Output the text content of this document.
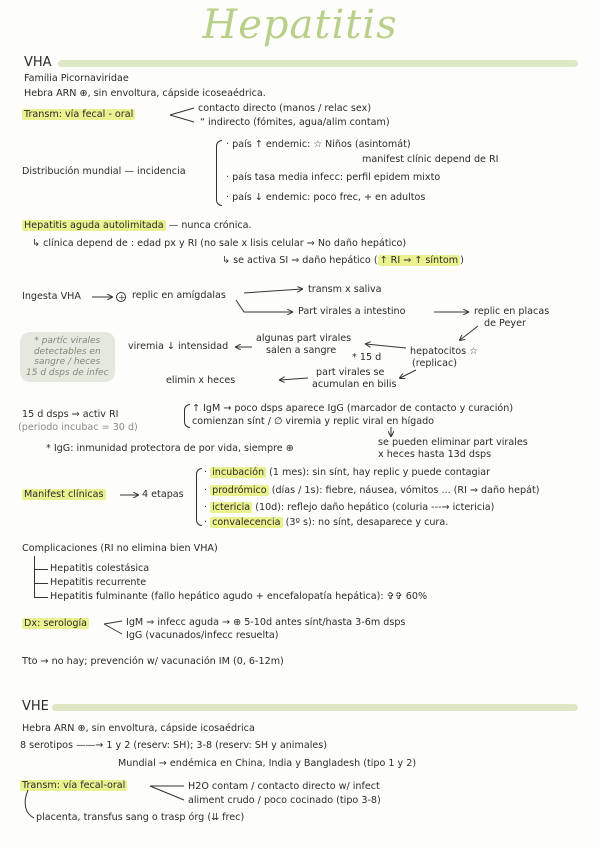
Hepatitis
VHA
Familia Picornaviridae
Hebra ARN ⊕, sin envoltura, cápside icoseaédrica.
Transm: vía fecal - oral
contacto directo (manos / relac sex)
“ indirecto (fómites, agua/alim contam)
Distribución mundial — incidencia
· país ↑ endemic: ☆ Niños (asintomát)
manifest clínic depend de RI
· país tasa media infecc: perfil epidem mixto
· país ↓ endemic: poco frec, + en adultos
Hepatitis aguda autolimitada — nunca crónica.
↳ clínica depend de : edad px y RI (no sale x lisis celular ⇒ No daño hepático)
↳ se activa SI ⇒ daño hepático ( ↑ RI ⇒ ↑ síntom )
Ingesta VHA	replic en amígdalas
transm x saliva
Part virales a intestino	replic en placas
de Peyer
* partíc virales
detectables en
sangre / heces
15 d dsps de infec
viremia ↓ intensidad
algunas part virales
salen a sangre
* 15 d
hepatocitos ☆
(replicac)
elimin x heces
part virales se
acumulan en bilis
15 d dsps ⇒ activ RI
(periodo incubac = 30 d)
↑ IgM → poco dsps aparece IgG (marcador de contacto y curación)
comienzan sínt / ∅ viremia y replic viral en hígado
se pueden eliminar part virales
x heces hasta 13d dsps
* IgG: inmunidad protectora de por vida, siempre ⊕
Manifest clínicas	4 etapas
· incubación (1 mes): sin sínt, hay replic y puede contagiar
· prodrómico (días / 1s): fiebre, náusea, vómitos ... (RI ⇒ daño hepát)
· ictericia (10d): reflejo daño hepático (coluria ---→ ictericia)
· convalecencia (3º s): no sínt, desaparece y cura.
Complicaciones (RI no elimina bien VHA)
Hepatitis colestásica
Hepatitis recurrente
Hepatitis fulminante (fallo hepático agudo + encefalopatía hepática): ✞✞ 60%
Dx: serología	IgM ⇒ infecc aguda → ⊕ 5-10d antes sínt/hasta 3-6m dsps
IgG (vacunados/infecc resuelta)
Tto → no hay; prevención w/ vacunación IM (0, 6-12m)
VHE
Hebra ARN ⊕, sin envoltura, cápside icosaédrica
8 serotipos ——→ 1 y 2 (reserv: SH); 3-8 (reserv: SH y animales)
Mundial → endémica en China, India y Bangladesh (tipo 1 y 2)
Transm: vía fecal-oral	H2O contam / contacto directo w/ infect
aliment crudo / poco cocinado (tipo 3-8)
placenta, transfus sang o trasp órg (⇊ frec)
+
